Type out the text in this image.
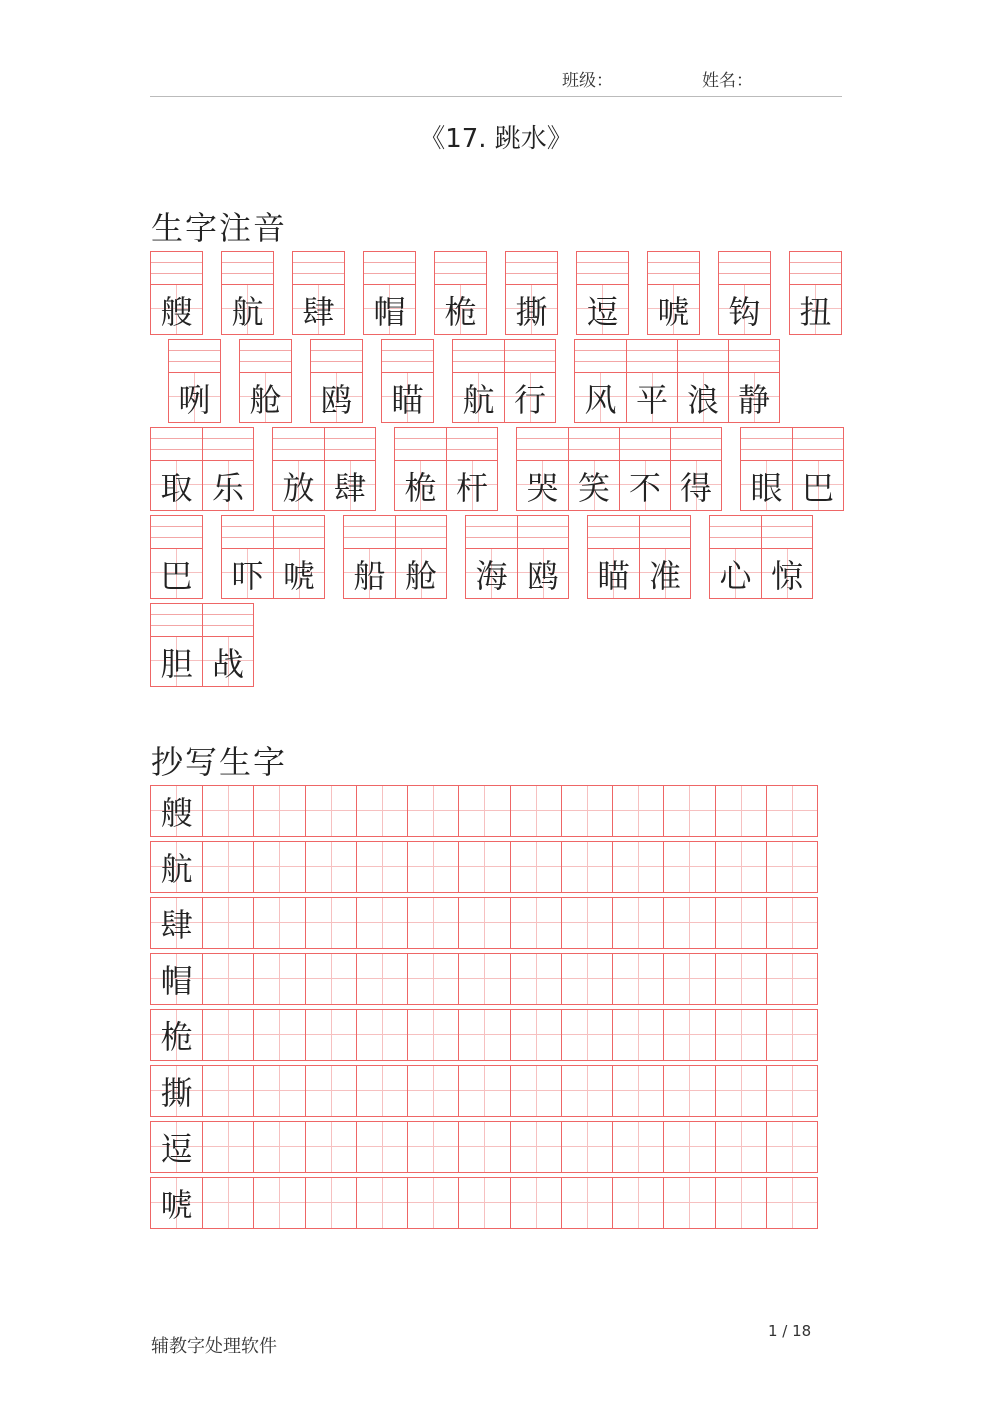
班级：	姓名：
《17. 跳水》
生字注音
艘 航 肆 帽 桅 撕 逗 唬 钩 扭
咧 舱 鸥 瞄 航 行 风 平 浪 静
取 乐 放 肆 桅 杆 哭 笑 不 得 眼 巴
巴 吓 唬 船 舱 海 鸥 瞄 准 心 惊
胆 战
抄写生字
艘
航
肆
帽
桅
撕
逗
唬
辅教字处理软件
1 / 18
